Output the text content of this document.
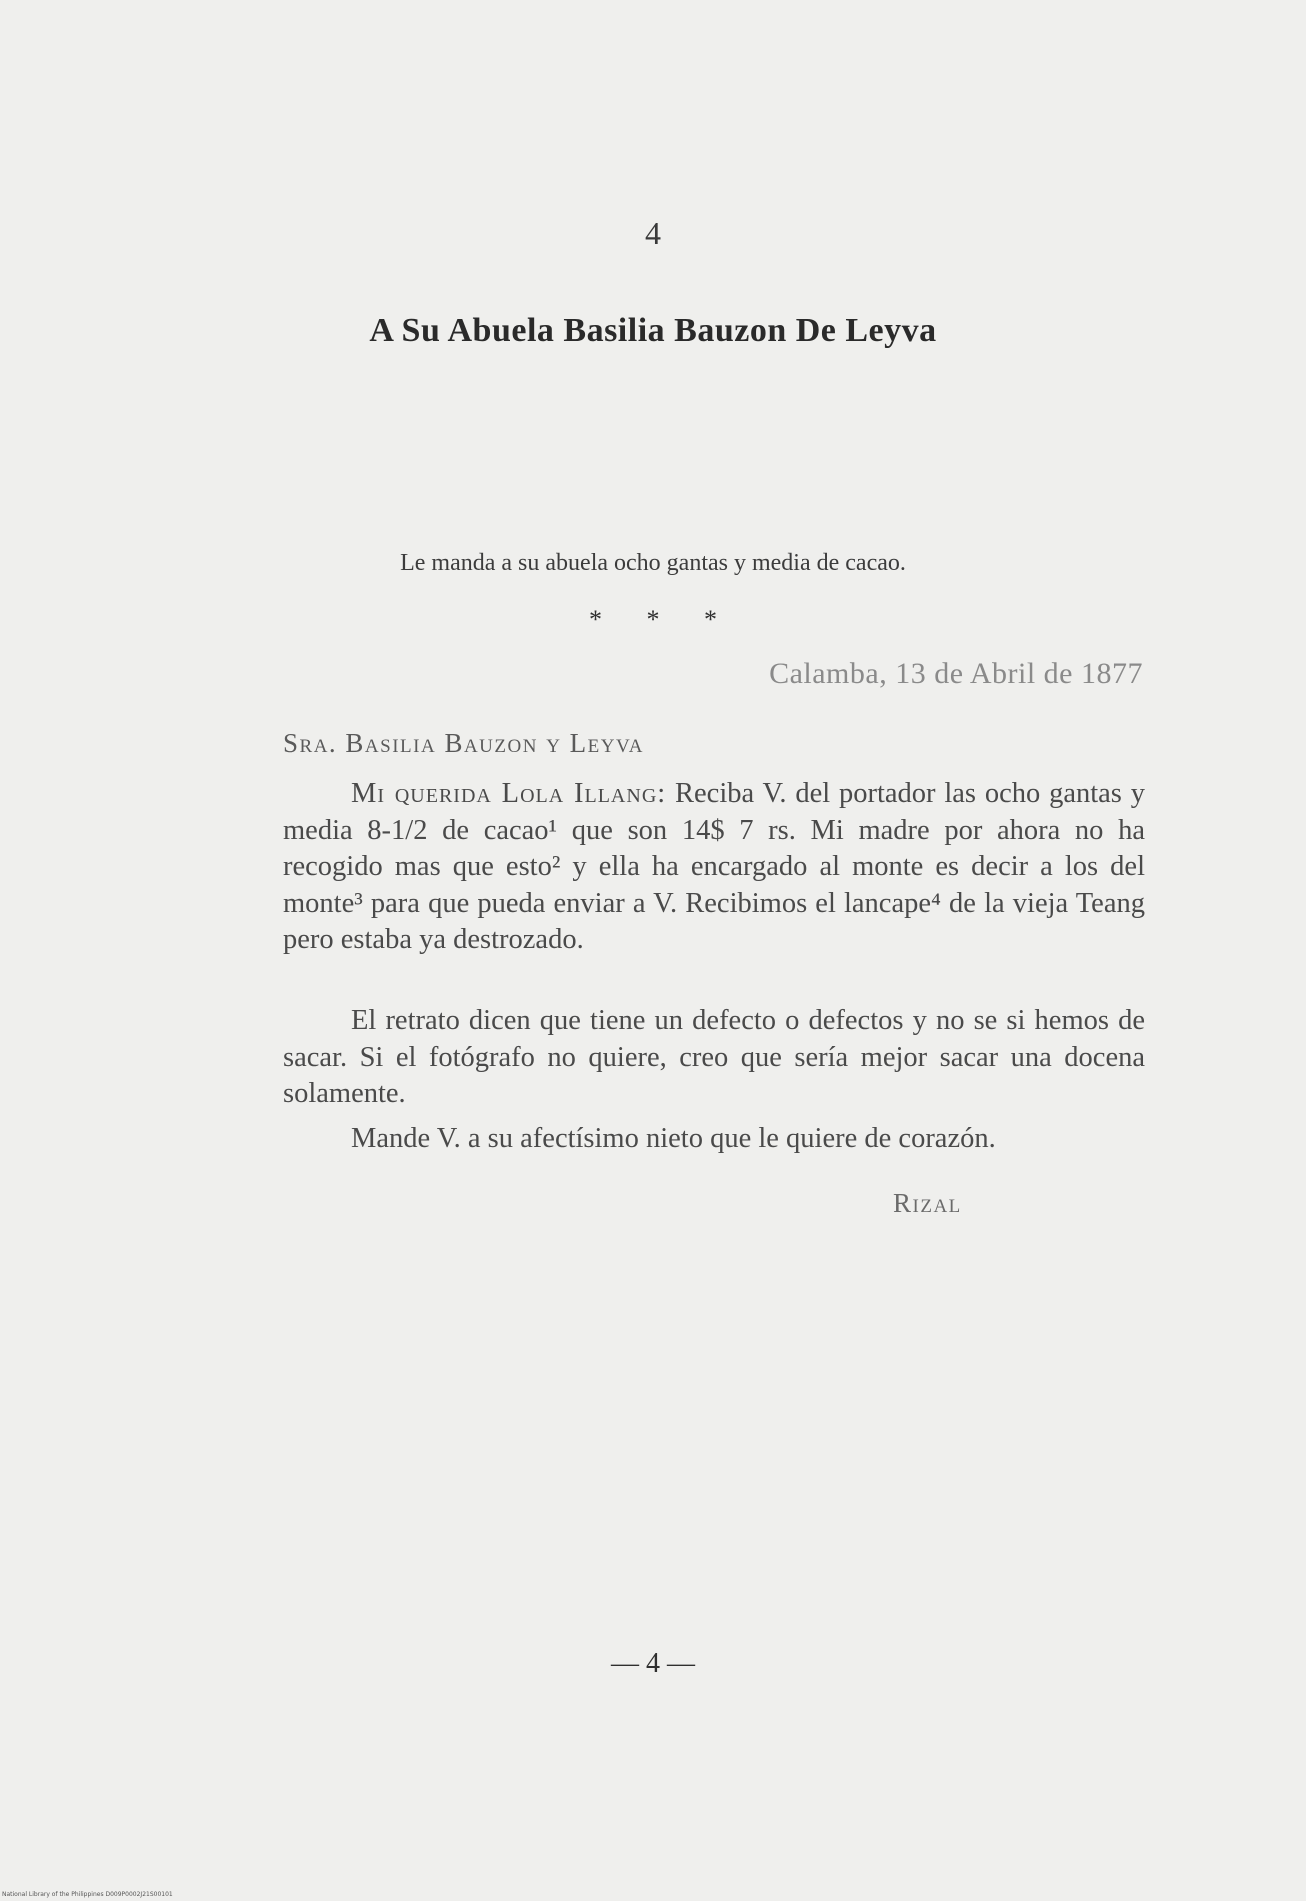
4
A Su Abuela Basilia Bauzon De Leyva
Le manda a su abuela ocho gantas y media de cacao.
* * *
Calamba, 13 de Abril de 1877
Sra. Basilia Bauzon y Leyva
Mi querida Lola Illang: Reciba V. del portador las ocho gantas y media 8-1/2 de cacao¹ que son 14$ 7 rs. Mi madre por ahora no ha recogido mas que esto² y ella ha encargado al monte es decir a los del monte³ para que pueda enviar a V. Recibimos el lancape⁴ de la vieja Teang pero estaba ya destrozado.
El retrato dicen que tiene un defecto o defectos y no se si hemos de sacar. Si el fotógrafo no quiere, creo que sería mejor sacar una docena solamente.
Mande V. a su afectísimo nieto que le quiere de corazón.
Rizal
— 4 —
National Library of the Philippines D009P0002J21S00101
